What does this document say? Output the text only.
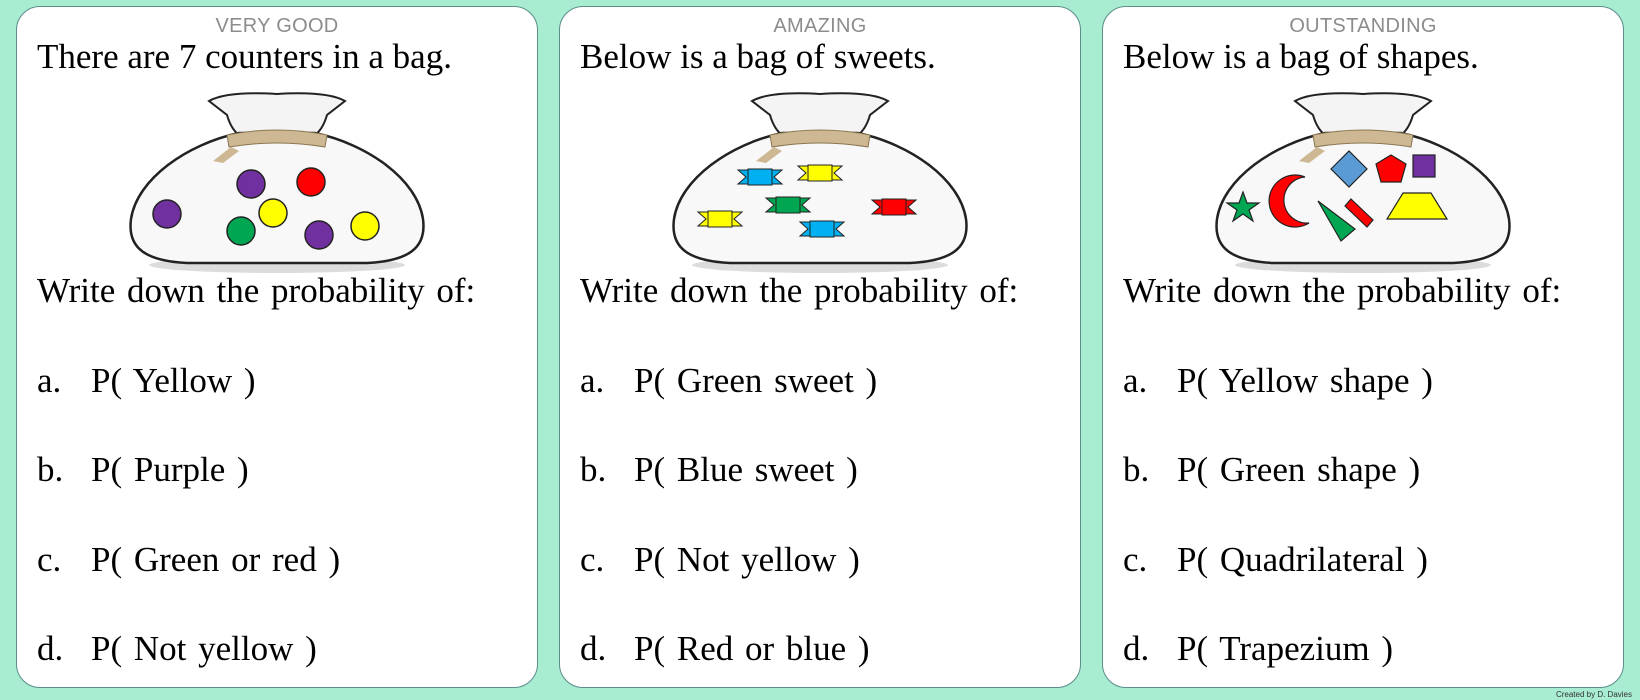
VERY GOOD
There are 7 counters in a bag.
Write down the probability of:
a. P( Yellow )
b. P( Purple )
c. P( Green or red )
d. P( Not yellow )
AMAZING
Below is a bag of sweets.
Write down the probability of:
a. P( Green sweet )
b. P( Blue sweet )
c. P( Not yellow )
d. P( Red or blue )
OUTSTANDING
Below is a bag of shapes.
Write down the probability of:
a. P( Yellow shape )
b. P( Green shape )
c. P( Quadrilateral )
d. P( Trapezium )
Created by D. Davies
